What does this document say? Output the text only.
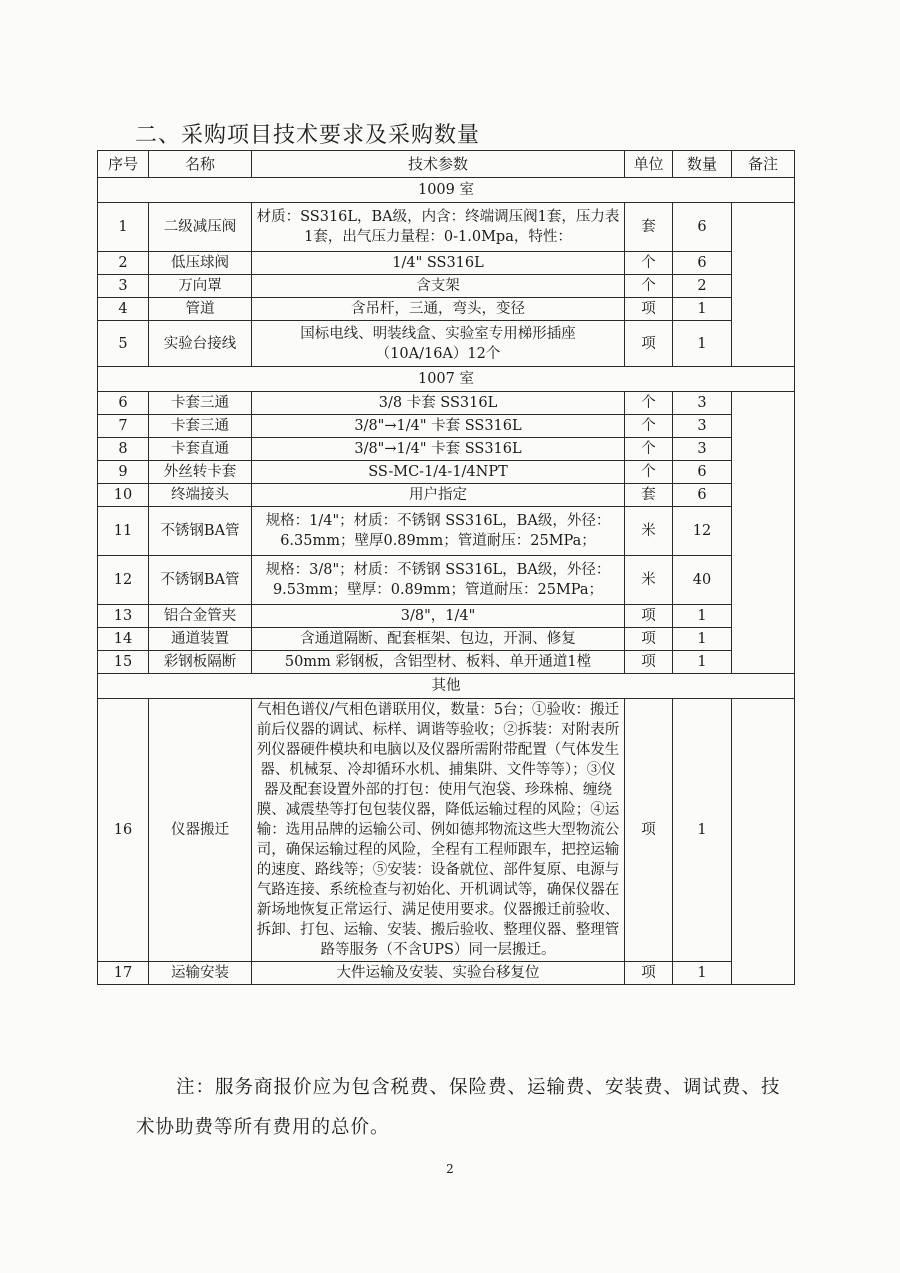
二、采购项目技术要求及采购数量
序号	名称	技术参数	单位	数量	备注
1009 室					
1	二级减压阀	材质：SS316L，BA级，内含：终端调压阀1套，压力表1套，出气压力量程：0-1.0Mpa，特性：	套	6	
2	低压球阀	1/4" SS316L	个	6	
3	万向罩	含支架	个	2	
4	管道	含吊杆，三通，弯头，变径	项	1	
5	实验台接线	国标电线、明装线盒、实验室专用梯形插座（10A/16A）12个	项	1	
1007 室					
6	卡套三通	3/8 卡套 SS316L	个	3	
7	卡套三通	3/8"→1/4" 卡套 SS316L	个	3	
8	卡套直通	3/8"→1/4" 卡套 SS316L	个	3	
9	外丝转卡套	SS-MC-1/4-1/4NPT	个	6	
10	终端接头	用户指定	套	6	
11	不锈钢BA管	规格：1/4"；材质：不锈钢 SS316L，BA级，外径：6.35mm；壁厚0.89mm；管道耐压：25MPa；	米	12	
12	不锈钢BA管	规格：3/8"；材质：不锈钢 SS316L，BA级，外径：9.53mm；壁厚：0.89mm；管道耐压：25MPa；	米	40	
13	铝合金管夹	3/8"，1/4"	项	1	
14	通道装置	含通道隔断、配套框架、包边，开洞、修复	项	1	
15	彩钢板隔断	50mm 彩钢板，含铝型材、板料、单开通道1樘	项	1	
其他					
16	仪器搬迁	气相色谱仪/气相色谱联用仪，数量：5台；①验收：搬迁前后仪器的调试、标样、调谐等验收；②拆装：对附表所列仪器硬件模块和电脑以及仪器所需附带配置（气体发生器、机械泵、冷却循环水机、捕集阱、文件等等）；③仪器及配套设置外部的打包：使用气泡袋、珍珠棉、缠绕膜、减震垫等打包包装仪器，降低运输过程的风险；④运输：选用品牌的运输公司、例如德邦物流这些大型物流公司，确保运输过程的风险，全程有工程师跟车，把控运输的速度、路线等；⑤安装：设备就位、部件复原、电源与气路连接、系统检查与初始化、开机调试等，确保仪器在新场地恢复正常运行、满足使用要求。仪器搬迁前验收、拆卸、打包、运输、安装、搬后验收、整理仪器、整理管路等服务（不含UPS）同一层搬迁。	项	1	
17	运输安装	大件运输及安装、实验台移复位	项	1	
注：服务商报价应为包含税费、保险费、运输费、安装费、调试费、技术协助费等所有费用的总价。
2
